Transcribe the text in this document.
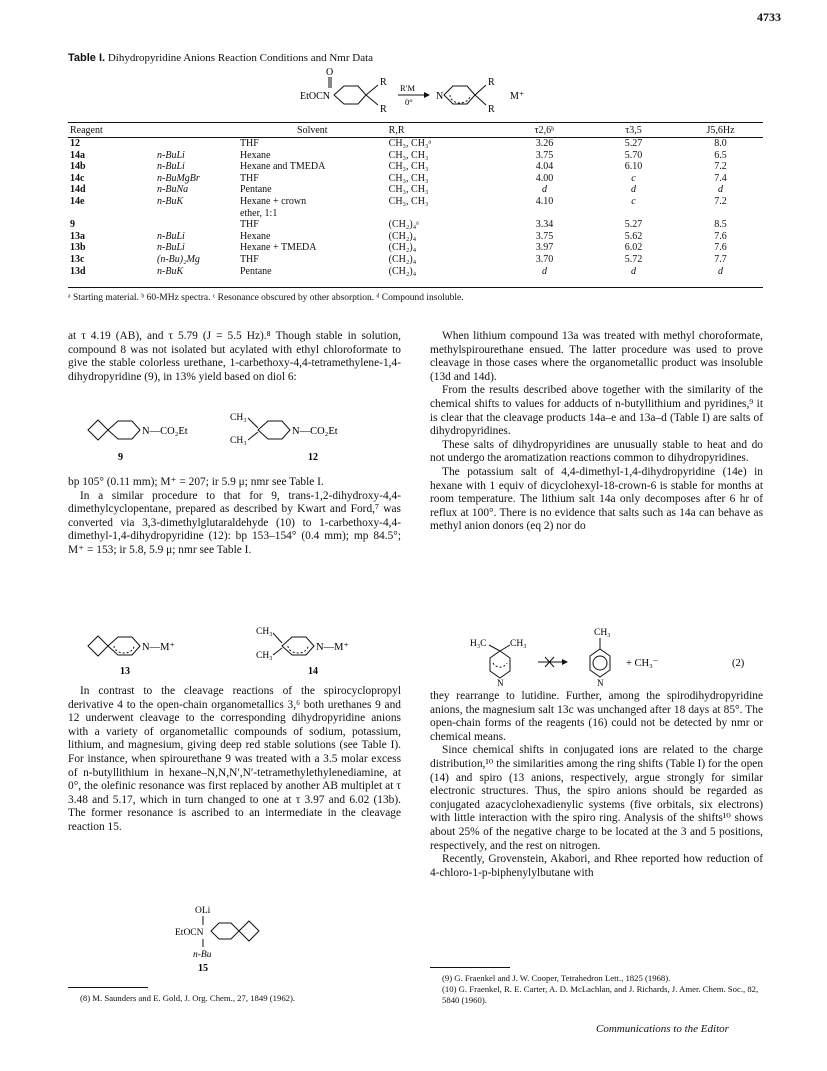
4733
Table I. Dihydropyridine Anions Reaction Conditions and Nmr Data
O
EtOCN
R
R
R′M
0° N
R
R
M⁺
Reagent		Solvent	R,R	τ2,6ᵇ	τ3,5	J5,6Hz
12		THF	CH₃, CH₃ᵃ	3.26	5.27	8.0
14a	n-BuLi	Hexane	CH₃, CH₃	3.75	5.70	6.5
14b	n-BuLi	Hexane and TMEDA	CH₃, CH₃	4.04	6.10	7.2
14c	n-BuMgBr	THF	CH₃, CH₃	4.00	c	7.4
14d	n-BuNa	Pentane	CH₃, CH₃	d	d	d
14e	n-BuK	Hexane + crown	CH₃, CH₃	4.10	c	7.2
		ether, 1:1				
9		THF	(CH₂)₄ᵃ	3.34	5.27	8.5
13a	n-BuLi	Hexane	(CH₂)₄	3.75	5.62	7.6
13b	n-BuLi	Hexane + TMEDA	(CH₂)₄	3.97	6.02	7.6
13c	(n-Bu)₂Mg	THF	(CH₂)₄	3.70	5.72	7.7
13d	n-BuK	Pentane	(CH₂)₄	d	d	d
ᵃ Starting material. ᵇ 60-MHz spectra. ᶜ Resonance obscured by other absorption. ᵈ Compound insoluble.

at τ 4.19 (AB), and τ 5.79 (J = 5.5 Hz).⁸ Though stable in solution, compound 8 was not isolated but acylated with ethyl chloroformate to give the stable colorless urethane, 1-carbethoxy-4,4-tetramethylene-1,4-dihydropyridine (9), in 13% yield based on diol 6:

N—CO₂Et
9
CH₃
CH₃
N—CO₂Et
12

bp 105° (0.11 mm); M⁺ = 207; ir 5.9 μ; nmr see Table I.

In a similar procedure to that for 9, trans-1,2-dihydroxy-4,4-dimethylcyclopentane, prepared as described by Kwart and Ford,⁷ was converted via 3,3-dimethylglutaraldehyde (10) to 1-carbethoxy-4,4-dimethyl-1,4-dihydropyridine (12): bp 153–154° (0.4 mm); mp 84.5°; M⁺ = 153; ir 5.8, 5.9 μ; nmr see Table I.

N—M⁺
13
CH₃
CH₃
N—M⁺
14

In contrast to the cleavage reactions of the spirocyclopropyl derivative 4 to the open-chain organometallics 3,⁶ both urethanes 9 and 12 underwent cleavage to the corresponding dihydropyridine anions with a variety of organometallic compounds of sodium, potassium, lithium, and magnesium, giving deep red stable solutions (see Table I). For instance, when spirourethane 9 was treated with a 3.5 molar excess of n-butyllithium in hexane–N,N,N′,N′-tetramethylethylenediamine, at 0°, the olefinic resonance was first replaced by another AB multiplet at τ 3.48 and 5.17, which in turn changed to one at τ 3.97 and 6.02 (13b). The former resonance is ascribed to an intermediate in the cleavage reaction 15.

OLi
EtOCN
n-Bu
15
(8) M. Saunders and E. Gold, J. Org. Chem., 27, 1849 (1962).

When lithium compound 13a was treated with methyl choroformate, methylspirourethane ensued. The latter procedure was used to prove cleavage in those cases where the organometallic product was insoluble (13d and 14d).

From the results described above together with the similarity of the chemical shifts to values for adducts of n-butyllithium and pyridines,⁹ it is clear that the cleavage products 14a–e and 13a–d (Table I) are salts of dihydropyridines.

These salts of dihydropyridines are unusually stable to heat and do not undergo the aromatization reactions common to dihydropyridines.

The potassium salt of 4,4-dimethyl-1,4-dihydropyridine (14e) in hexane with 1 equiv of dicyclohexyl-18-crown-6 is stable for months at room temperature. The lithium salt 14a only decomposes after 6 hr of reflux at 100°. There is no evidence that salts such as 14a can behave as methyl anion donors (eq 2) nor do

H₃C CH₃
N
CH₃
N
+ CH₃⁻	(2)

they rearrange to lutidine. Further, among the spirodihydropyridine anions, the magnesium salt 13c was unchanged after 18 days at 85°. The open-chain forms of the reagents (16) could not be detected by nmr or chemical means.

Since chemical shifts in conjugated ions are related to the charge distribution,¹⁰ the similarities among the ring shifts (Table I) for the open (14) and spiro (13 anions, respectively, argue strongly for similar electronic structures. Thus, the spiro anions should be regarded as conjugated azacyclohexadienylic systems (five orbitals, six electrons) with little interaction with the spiro ring. Analysis of the shifts¹⁰ shows about 25% of the negative charge to be located at the 3 and 5 positions, respectively, and the rest on nitrogen.

Recently, Grovenstein, Akabori, and Rhee reported how reduction of 4-chloro-1-p-biphenylylbutane with

(9) G. Fraenkel and J. W. Cooper, Tetrahedron Lett., 1825 (1968).
(10) G. Fraenkel, R. E. Carter, A. D. McLachlan, and J. Richards, J. Amer. Chem. Soc., 82, 5840 (1960).
Communications to the Editor
